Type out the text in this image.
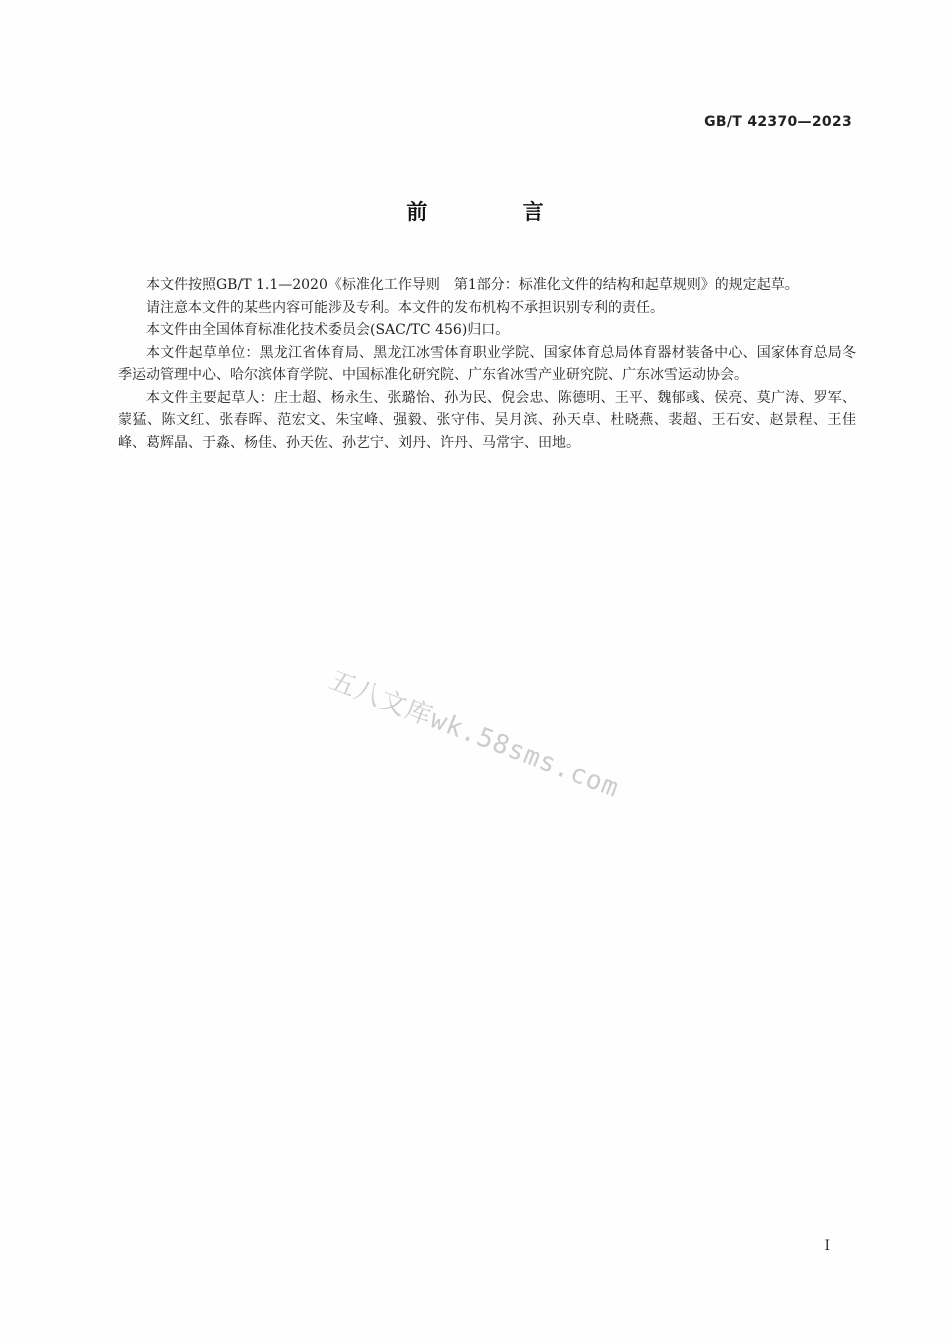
GB/T 42370—2023
前 言

本文件按照GB/T 1.1—2020《标准化工作导则　第1部分：标准化文件的结构和起草规则》的规定起草。

请注意本文件的某些内容可能涉及专利。本文件的发布机构不承担识别专利的责任。

本文件由全国体育标准化技术委员会(SAC/TC 456)归口。

本文件起草单位：黑龙江省体育局、黑龙江冰雪体育职业学院、国家体育总局体育器材装备中心、国家体育总局冬季运动管理中心、哈尔滨体育学院、中国标准化研究院、广东省冰雪产业研究院、广东冰雪运动协会。

本文件主要起草人：庄士超、杨永生、张璐怡、孙为民、倪会忠、陈德明、王平、魏郁彧、侯亮、莫广涛、罗军、蒙猛、陈文红、张春晖、范宏文、朱宝峰、强毅、张守伟、吴月滨、孙天卓、杜晓燕、裴超、王石安、赵景程、王佳峰、葛辉晶、于淼、杨佳、孙天佐、孙艺宁、刘丹、许丹、马常宇、田地。

五八文库wk.58sms.com
I
